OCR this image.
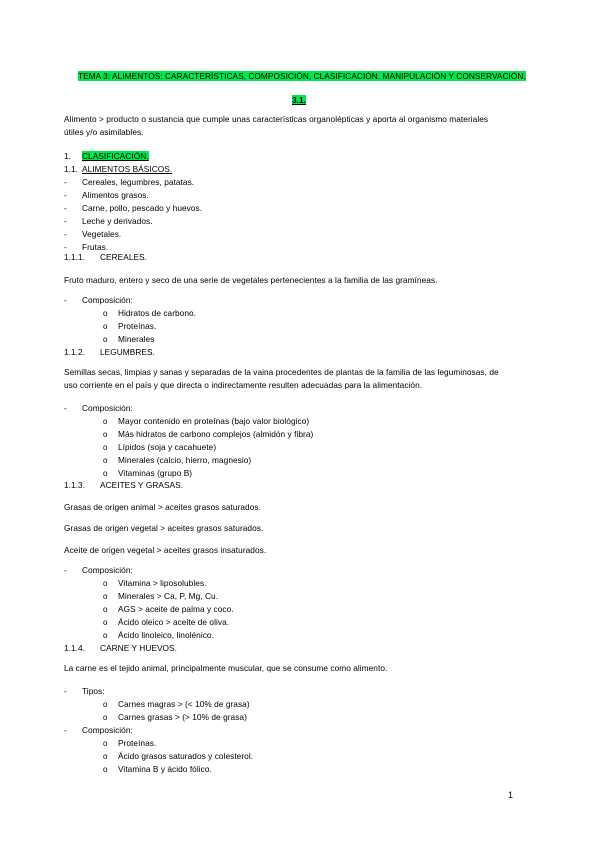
TEMA 3: ALIMENTOS: CARACTERÍSTICAS, COMPOSICIÓN, CLASIFICACIÓN. MANIPULACIÓN Y CONSERVACIÓN.
3.1.
Alimento > producto o sustancia que cumple unas características organolépticas y aporta al organismo materiales
útiles y/o asimilables.
1. CLASIFICACIÓN.
1.1. ALIMENTOS BÁSICOS.
- Cereales, legumbres, patatas.
- Alimentos grasos.
- Carne, pollo, pescado y huevos.
- Leche y derivados.
- Vegetales.
- Frutas.
1.1.1. CEREALES.
Fruto maduro, entero y seco de una serie de vegetales pertenecientes a la familia de las gramíneas.
- Composición:
o Hidratos de carbono.
o Proteínas.
o Minerales
1.1.2. LEGUMBRES.
Semillas secas, limpias y sanas y separadas de la vaina procedentes de plantas de la familia de las leguminosas, de
uso corriente en el país y que directa o indirectamente resulten adecuadas para la alimentación.
- Composición:
o Mayor contenido en proteínas (bajo valor biológico)
o Más hidratos de carbono complejos (almidón y fibra)
o Lípidos (soja y cacahuete)
o Minerales (calcio, hierro, magnesio)
o Vitaminas (grupo B)
1.1.3. ACEITES Y GRASAS.
Grasas de origen animal > aceites grasos saturados.
Grasas de origen vegetal > aceites grasos saturados.
Aceite de origen vegetal > aceites grasos insaturados.
- Composición:
o Vitamina > liposolubles.
o Minerales > Ca, P, Mg, Cu.
o AGS > aceite de palma y coco.
o Ácido oleico > aceite de oliva.
o Ácido linoleico, linolénico.
1.1.4. CARNE Y HUEVOS.
La carne es el tejido animal, principalmente muscular, que se consume como alimento.
- Tipos:
o Carnes magras > (< 10% de grasa)
o Carnes grasas > (> 10% de grasa)
- Composición:
o Proteínas.
o Ácido grasos saturados y colesterol.
o Vitamina B y ácido fólico.
1
